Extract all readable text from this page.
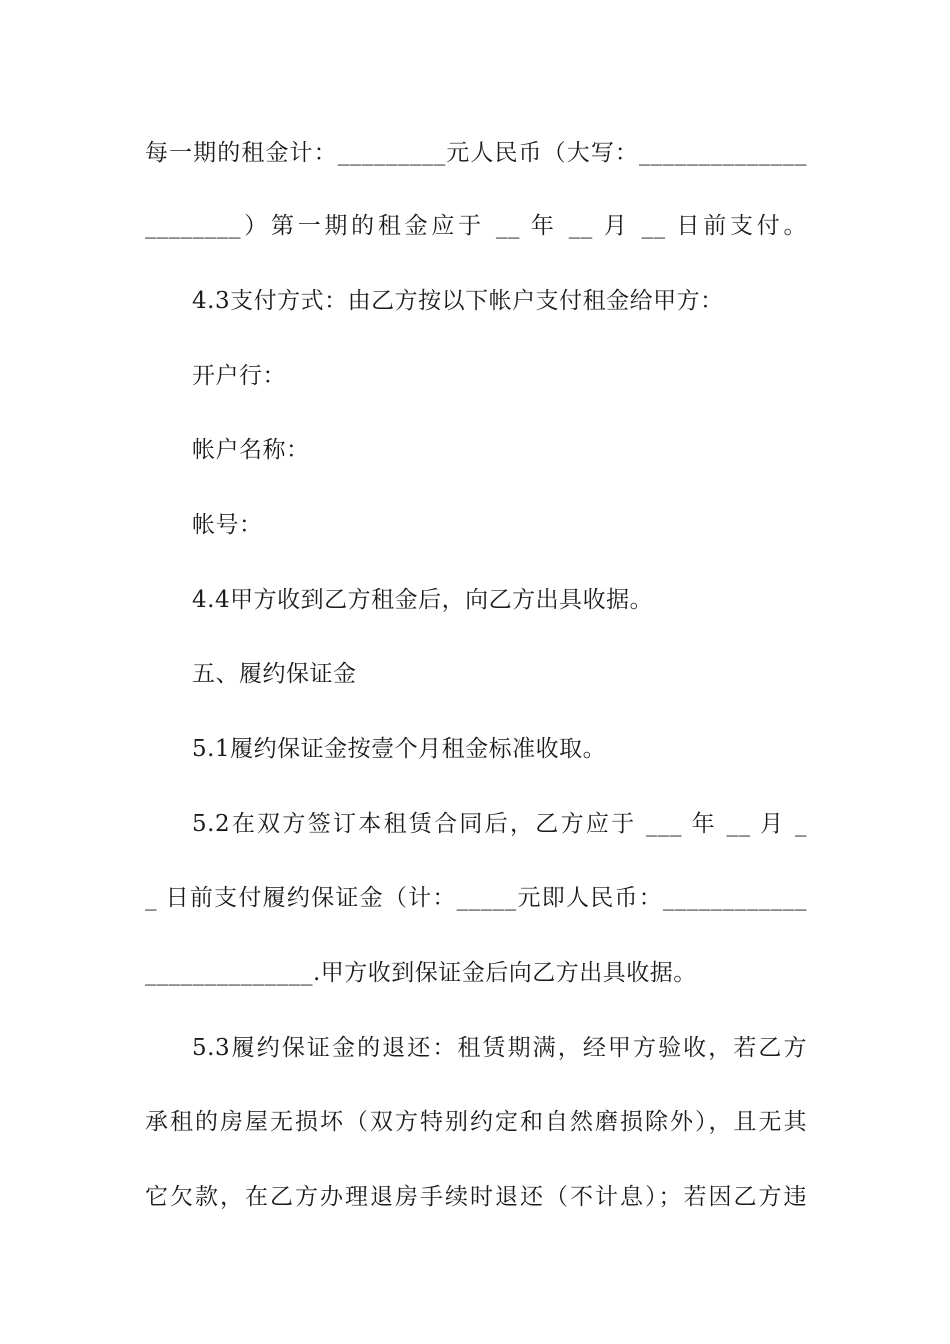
每一期的租金计：_________元人民币（大写：______________
________）第一期的租金应于 __ 年 __ 月 __ 日前支付。
4.3支付方式：由乙方按以下帐户支付租金给甲方：
开户行：
帐户名称：
帐号：
4.4甲方收到乙方租金后，向乙方出具收据。
五、履约保证金
5.1履约保证金按壹个月租金标准收取。
5.2在双方签订本租赁合同后，乙方应于 ___ 年 __ 月 _
_ 日前支付履约保证金（计：_____元即人民币：____________
______________.甲方收到保证金后向乙方出具收据。
5.3履约保证金的退还：租赁期满，经甲方验收，若乙方
承租的房屋无损坏（双方特别约定和自然磨损除外），且无其
它欠款，在乙方办理退房手续时退还（不计息）；若因乙方违
